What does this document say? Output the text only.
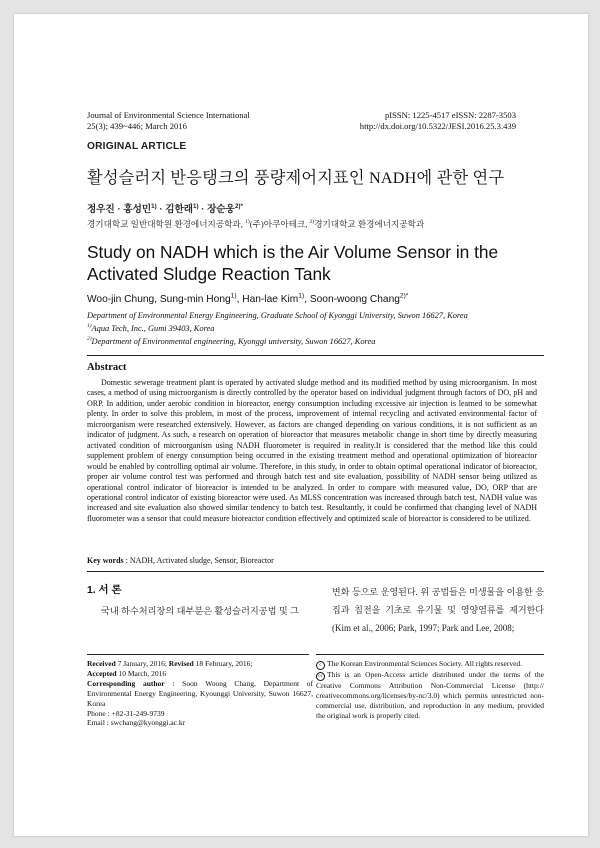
Journal of Environmental Science International
25(3); 439~446; March 2016
pISSN: 1225-4517 eISSN: 2287-3503
http://dx.doi.org/10.5322/JESI.2016.25.3.439
ORIGINAL ARTICLE
활성슬러지 반응탱크의 풍량제어지표인 NADH에 관한 연구
정우진 · 홍성민$^{1)}$ · 김한래$^{1)}$ · 장순웅$^{2)*}$
경기대학교 일반대학원 환경에너지공학과, $^{1)}$(주)아쿠아테크, $^{2)}$경기대학교 환경에너지공학과
Study on NADH which is the Air Volume Sensor in the Activated Sludge Reaction Tank
Woo-jin Chung, Sung-min Hong$^{1)}$, Han-lae Kim$^{1)}$, Soon-woong Chang$^{2)*}$
Department of Environmental Energy Engineering, Graduate School of Kyonggi University, Suwon 16627, Korea
$^{1)}$Aqua Tech, Inc., Gumi 39403, Korea
$^{2)}$Department of Environmental engineering, Kyonggi university, Suwon 16627, Korea
Abstract
Domestic sewerage treatment plant is operated by activated sludge method and its modified method by using microorganism. In most cases, a method of using microorganism is directly controlled by the operator based on individual judgment through factors of DO, pH and ORP. In addition, under aerobic condition in bioreactor, energy consumption including excessive air injection is learned to be somewhat plenty. In order to solve this problem, in most of the process, improvement of internal recycling and activated environmental factor of microorganism were researched extensively. However, as factors are changed depending on various conditions, it is not sufficient as an indicator of judgment. As such, a research on operation of bioreactor that measures metabolic change in short time by directly measuring activated condition of microorganism using NADH fluorometer is required in reality.It is considered that the method like this could supplement problem of energy consumption being occurred in the existing treatment method and operational optimization of bioreactor would be enabled by controlling optimal air volume. Therefore, in this study, in order to obtain optimal operational indicator of bioreactor, proper air volume control test was performed and through batch test and site evaluation, possibility of NADH sensor being utilized as operational control indicator of bioreactor is intended to be analyzed. In order to compare with measured value, DO, ORP that are operational control indicator of existing bioreactor were used. As MLSS concentration was increased through batch test, NADH value was increased and site evaluation also showed similar tendency to batch test. Resultantly, it could be confirmed that changing level of NADH fluorometer was a sensor that could measure bioreactor condition effectively and optimized scale of bioreactor is considered to be utilized.
Key words : NADH, Activated sludge, Sensor, Bioreactor
1. 서 론
국내 하수처리장의 대부분은 활성슬러지공법 및 그
변화 등으로 운영된다. 위 공법들은 미생물을 이용한 응집과 침전을 기초로 유기물 및 영양염류를 제거한다 (Kim et al., 2006; Park, 1997; Park and Lee, 2008;
Received 7 January, 2016; Revised 18 February, 2016;
Accepted 10 March, 2016
Corresponding author : Soon Woong Chang, Department of Environmental Energy Engineering, Kyounggi University, Suwon 16627, Korea
Phone : +82-31-249-9739
Email : swchang@kyonggi.ac.kr
c The Korean Environmental Sciences Society. All rights reserved.
cc This is an Open-Access article distributed under the terms of the Creative Commons Attribution Non-Commercial License (http:// creativecommons.org/licenses/by-nc/3.0) which permits unrestricted non-commercial use, distribution, and reproduction in any medium, provided the original work is properly cited.
